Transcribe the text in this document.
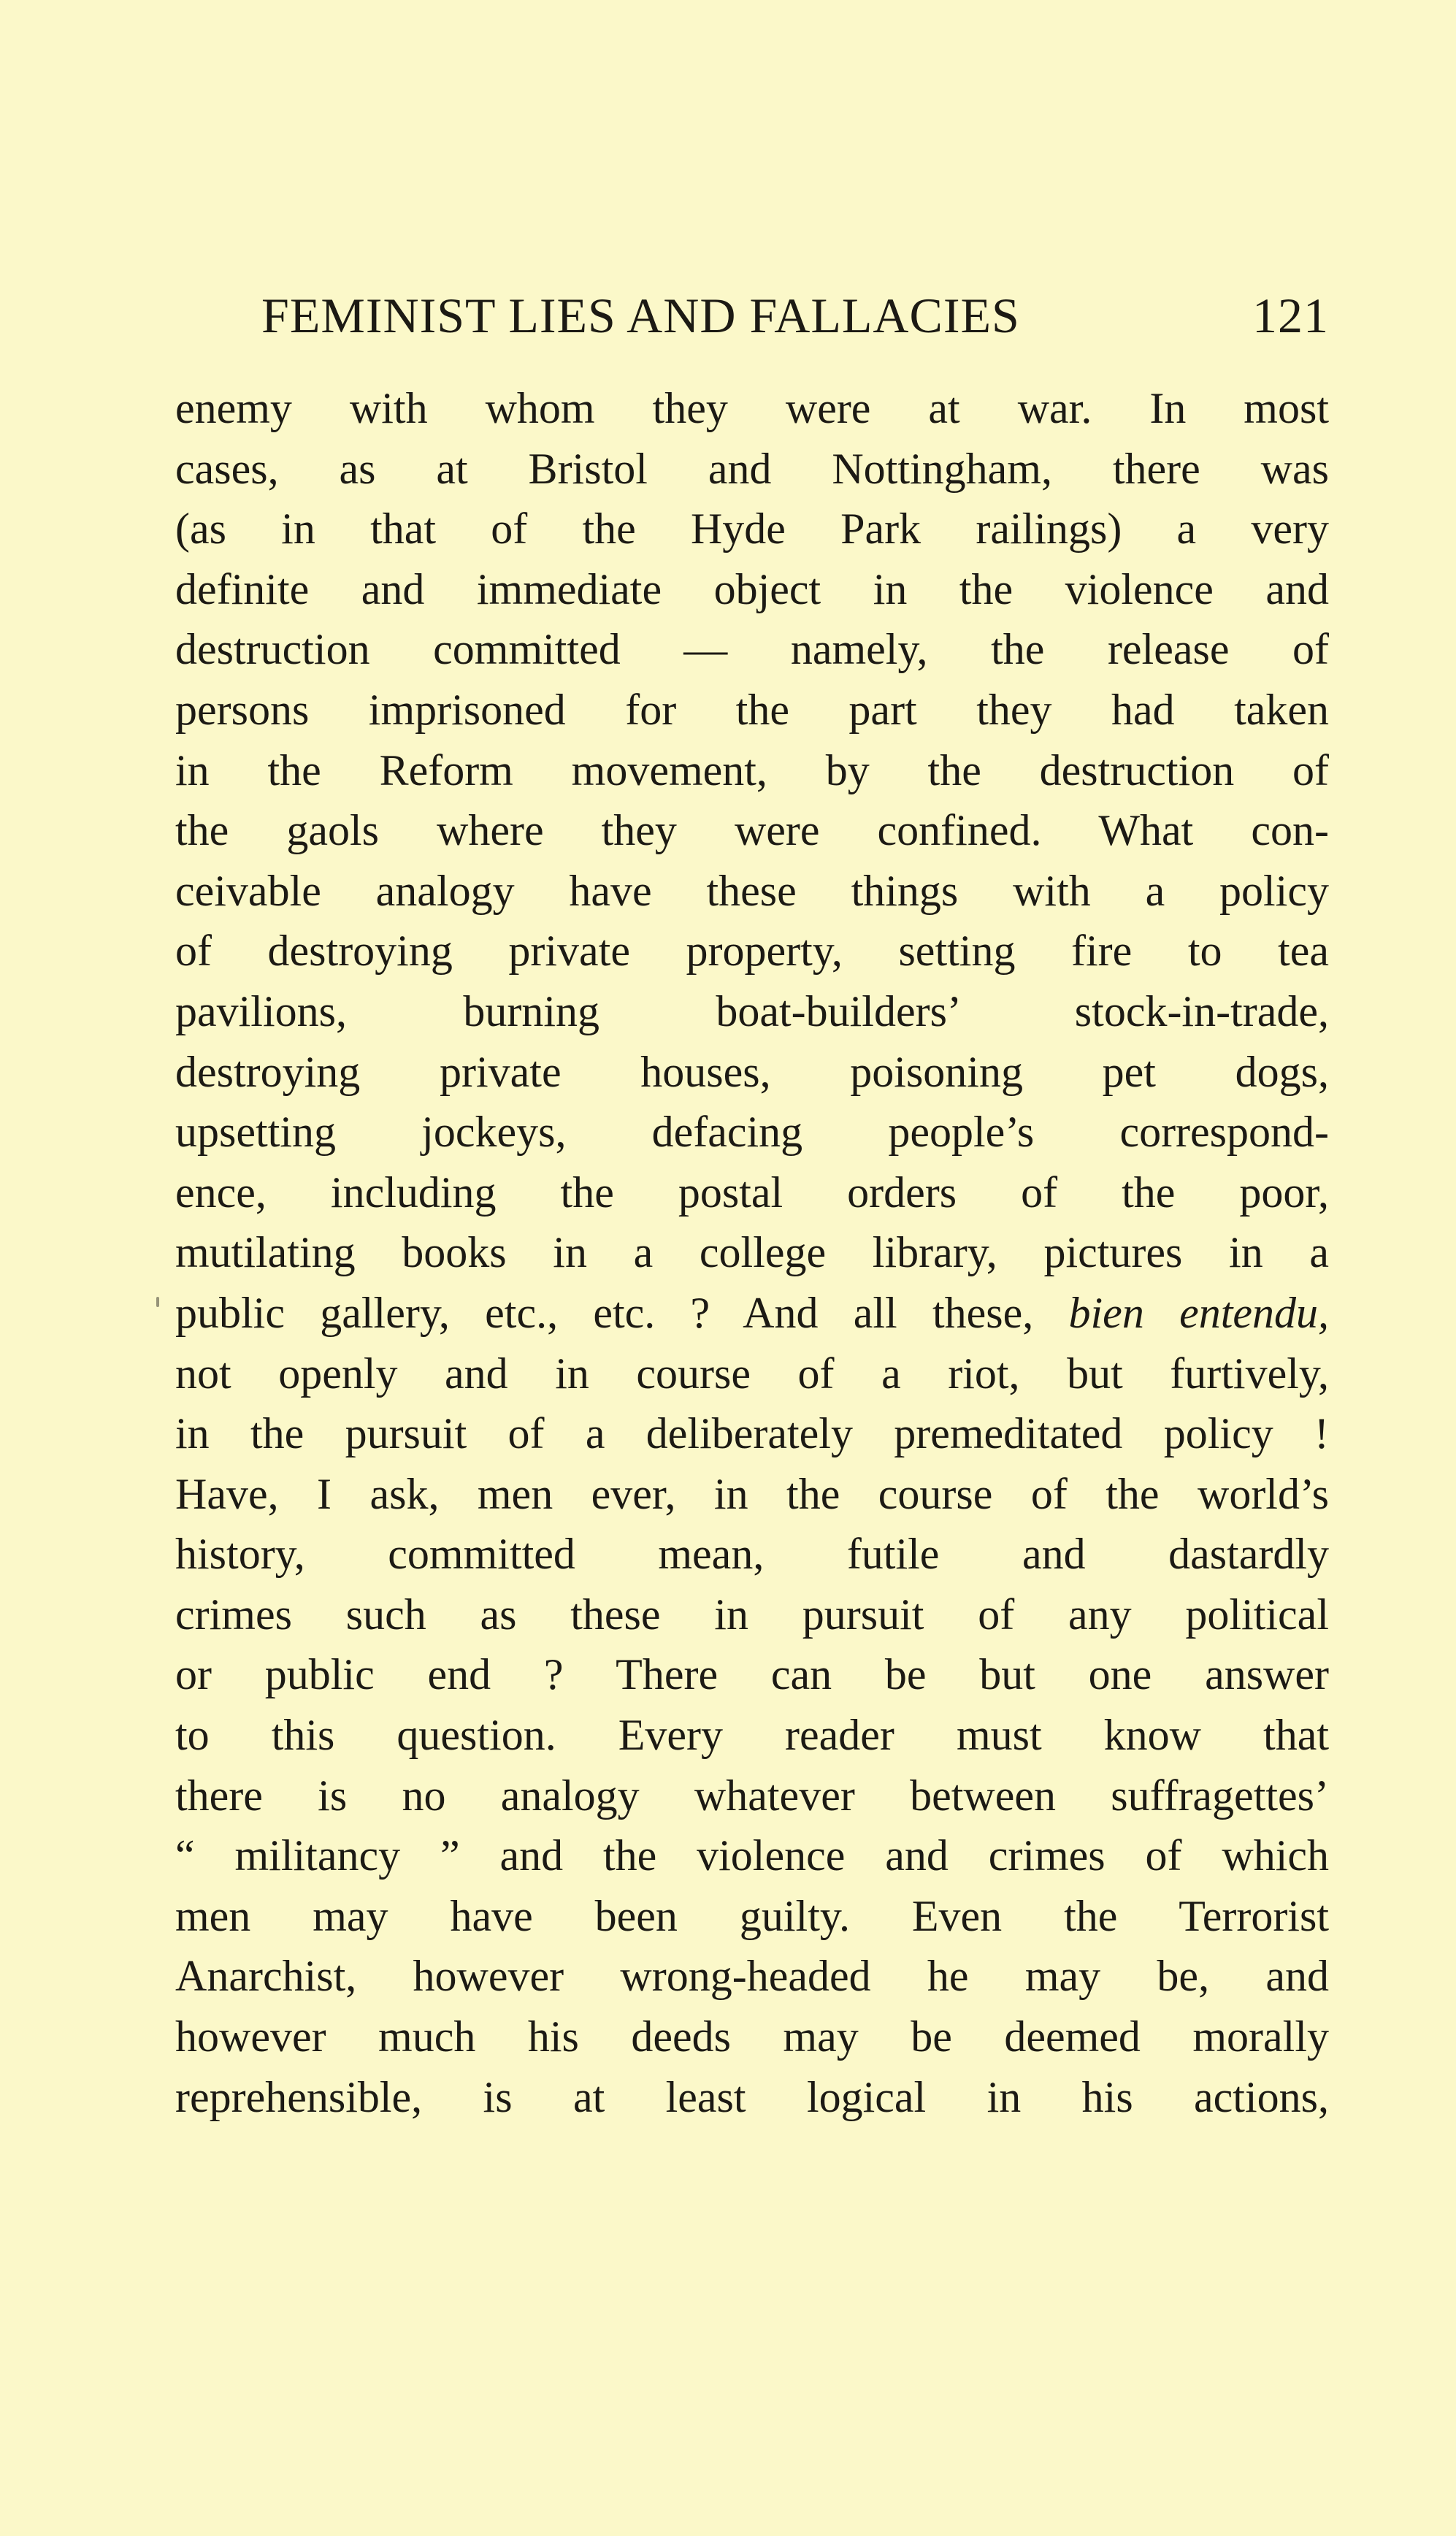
FEMINIST LIES AND FALLACIES	121
enemy with whom they were at war. In most
cases, as at Bristol and Nottingham, there was
(as in that of the Hyde Park railings) a very
definite and immediate object in the violence and
destruction committed — namely, the release of
persons imprisoned for the part they had taken
in the Reform movement, by the destruction of
the gaols where they were confined. What con-
ceivable analogy have these things with a policy
of destroying private property, setting fire to tea
pavilions, burning boat-builders’ stock-in-trade,
destroying private houses, poisoning pet dogs,
upsetting jockeys, defacing people’s correspond-
ence, including the postal orders of the poor,
mutilating books in a college library, pictures in a
public gallery, etc., etc. ? And all these, bien entendu,
not openly and in course of a riot, but furtively,
in the pursuit of a deliberately premeditated policy !
Have, I ask, men ever, in the course of the world’s
history, committed mean, futile and dastardly
crimes such as these in pursuit of any political
or public end ? There can be but one answer
to this question. Every reader must know that
there is no analogy whatever between suffragettes’
“ militancy ” and the violence and crimes of which
men may have been guilty. Even the Terrorist
Anarchist, however wrong-headed he may be, and
however much his deeds may be deemed morally
reprehensible, is at least logical in his actions,
